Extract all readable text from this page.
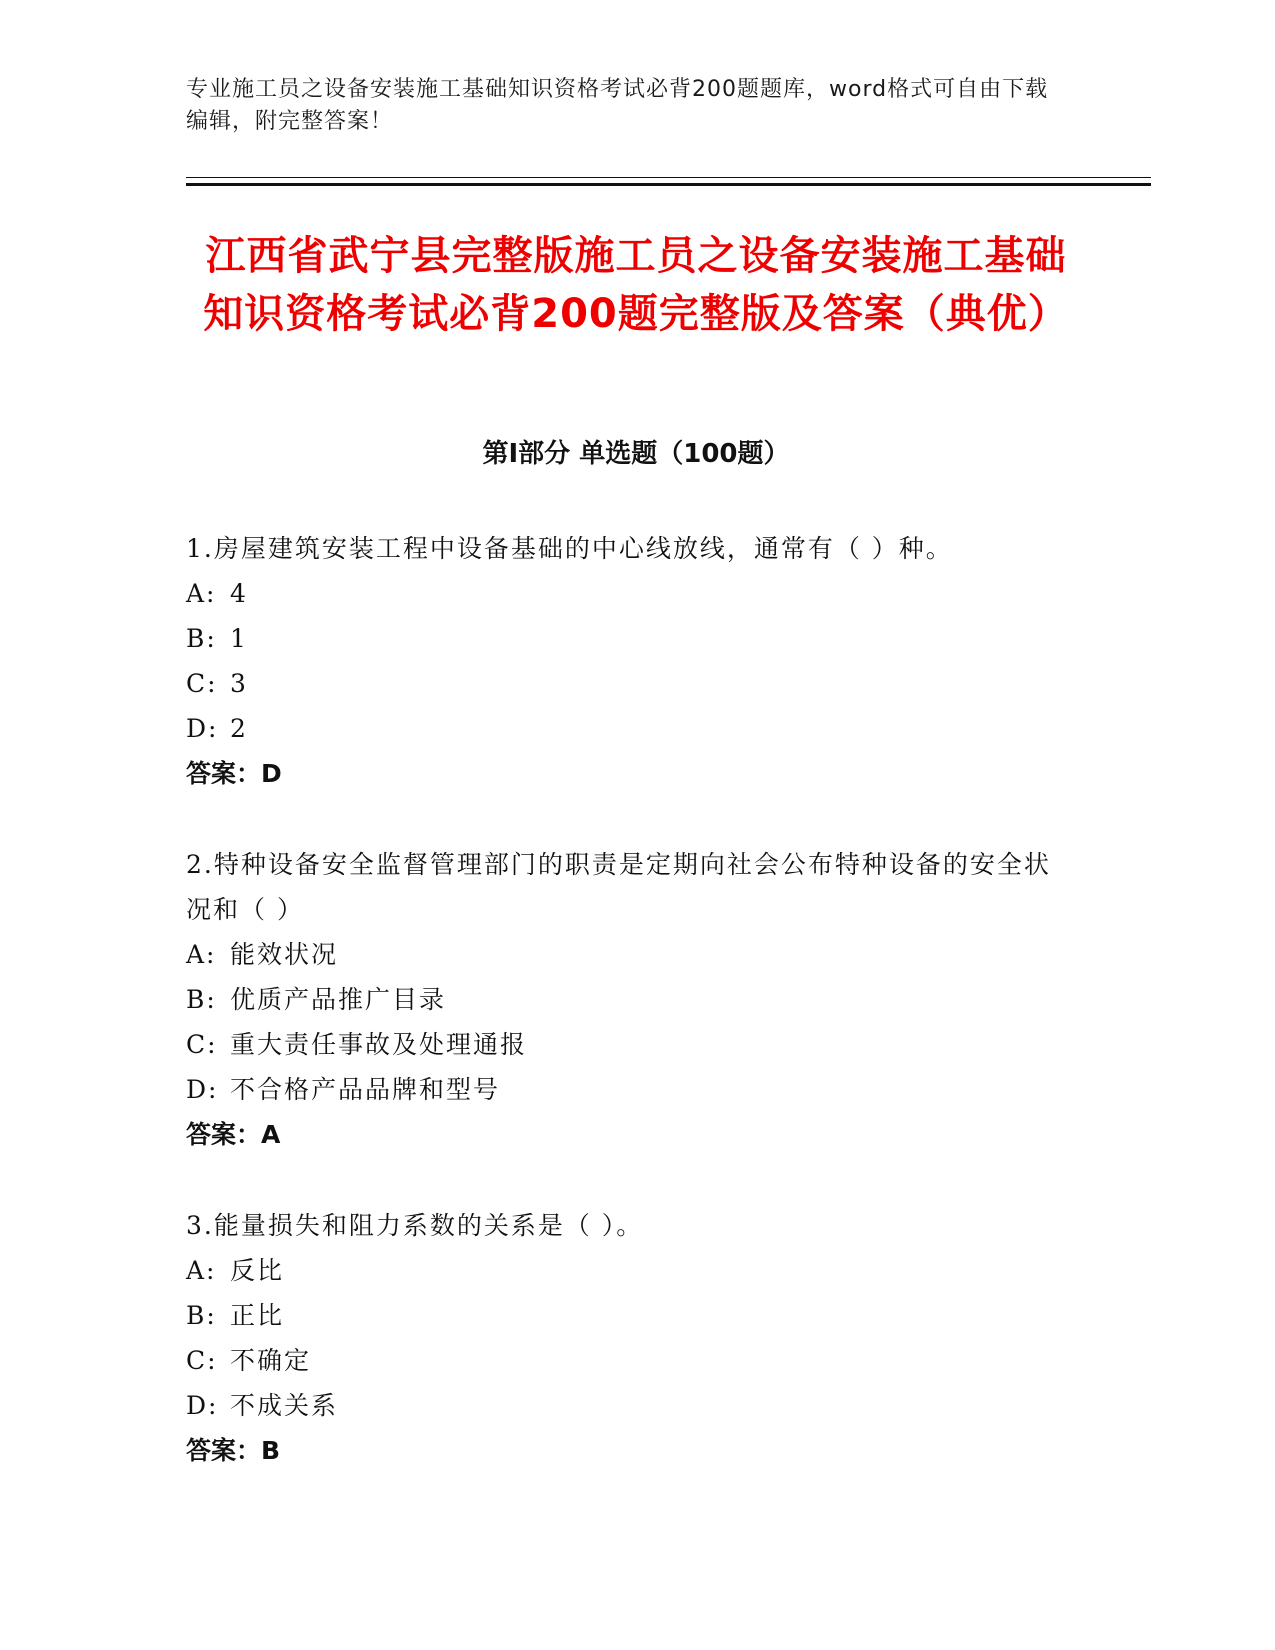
专业施工员之设备安装施工基础知识资格考试必背200题题库，word格式可自由下载编辑，附完整答案！
江西省武宁县完整版施工员之设备安装施工基础知识资格考试必背200题完整版及答案（典优）
第Ⅰ部分 单选题（100题）
1.房屋建筑安装工程中设备基础的中心线放线，通常有（ ）种。
A: 4
B: 1
C: 3
D: 2
答案：D
2.特种设备安全监督管理部门的职责是定期向社会公布特种设备的安全状况和（ ）
A: 能效状况
B: 优质产品推广目录
C: 重大责任事故及处理通报
D: 不合格产品品牌和型号
答案：A
3.能量损失和阻力系数的关系是（ ）。
A: 反比
B: 正比
C: 不确定
D: 不成关系
答案：B
